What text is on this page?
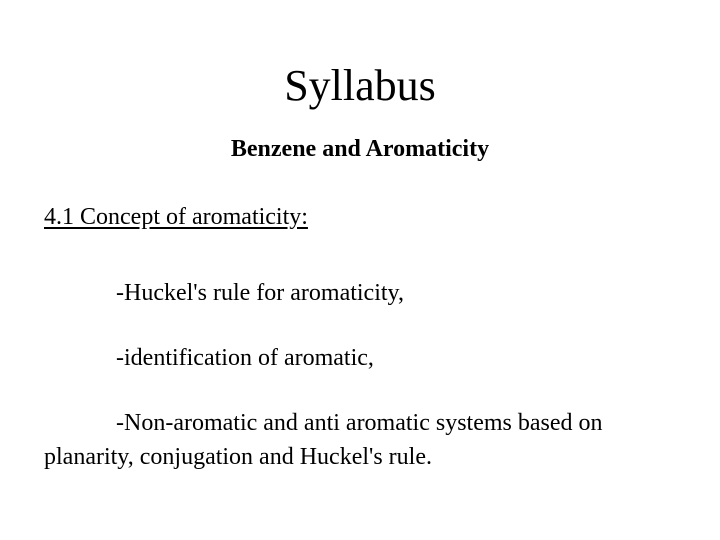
Syllabus
Benzene and Aromaticity
4.1 Concept of aromaticity:
-Huckel's rule for aromaticity,
-identification of aromatic,
-Non-aromatic and anti aromatic systems based on planarity, conjugation and Huckel's rule.
